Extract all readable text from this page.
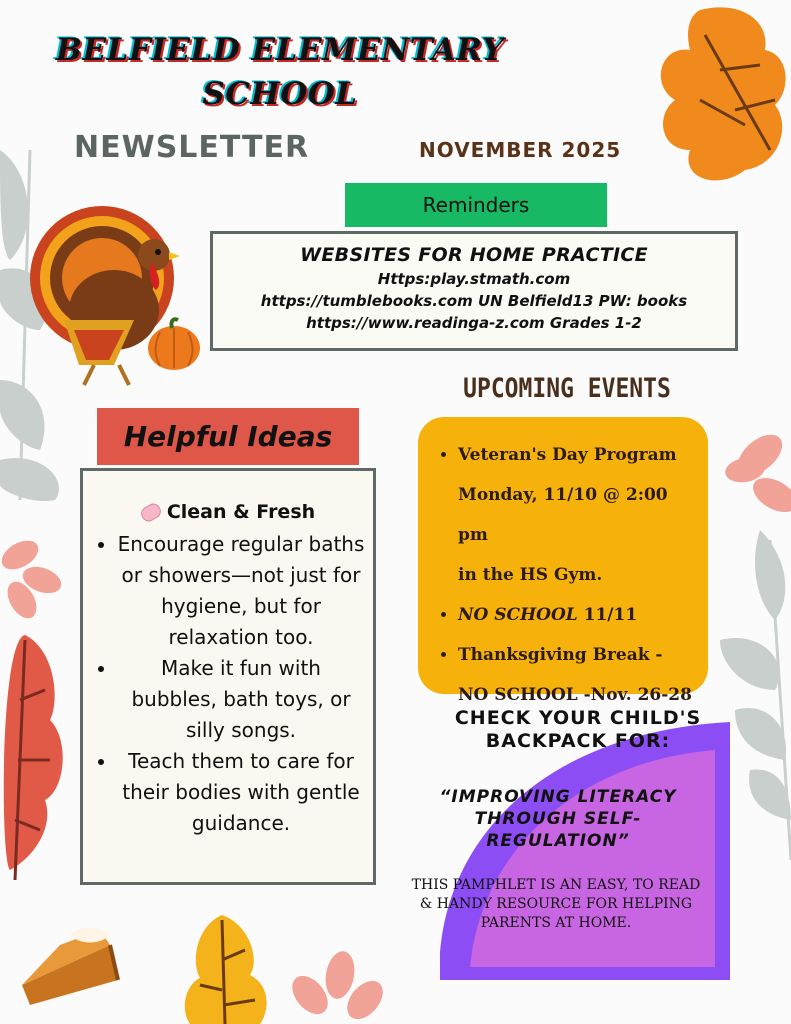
BELFIELD ELEMENTARY
SCHOOL
NEWSLETTER	NOVEMBER 2025
Reminders
WEBSITES FOR HOME PRACTICE
Https:play.stmath.com
https://tumblebooks.com UN Belfield13 PW: books
https://www.readinga-z.com Grades 1-2
UPCOMING EVENTS
• Veteran's Day Program
Monday, 11/10 @ 2:00 pm
in the HS Gym.
• NO SCHOOL 11/11
• Thanksgiving Break -
NO SCHOOL -Nov. 26-28
Helpful Ideas
Clean & Fresh
• Encourage regular baths or showers—not just for hygiene, but for relaxation too.
• Make it fun with bubbles, bath toys, or silly songs.
• Teach them to care for their bodies with gentle guidance.
CHECK YOUR CHILD'S BACKPACK FOR:
“IMPROVING LITERACY THROUGH SELF-REGULATION”
THIS PAMPHLET IS AN EASY, TO READ & HANDY RESOURCE FOR HELPING PARENTS AT HOME.
